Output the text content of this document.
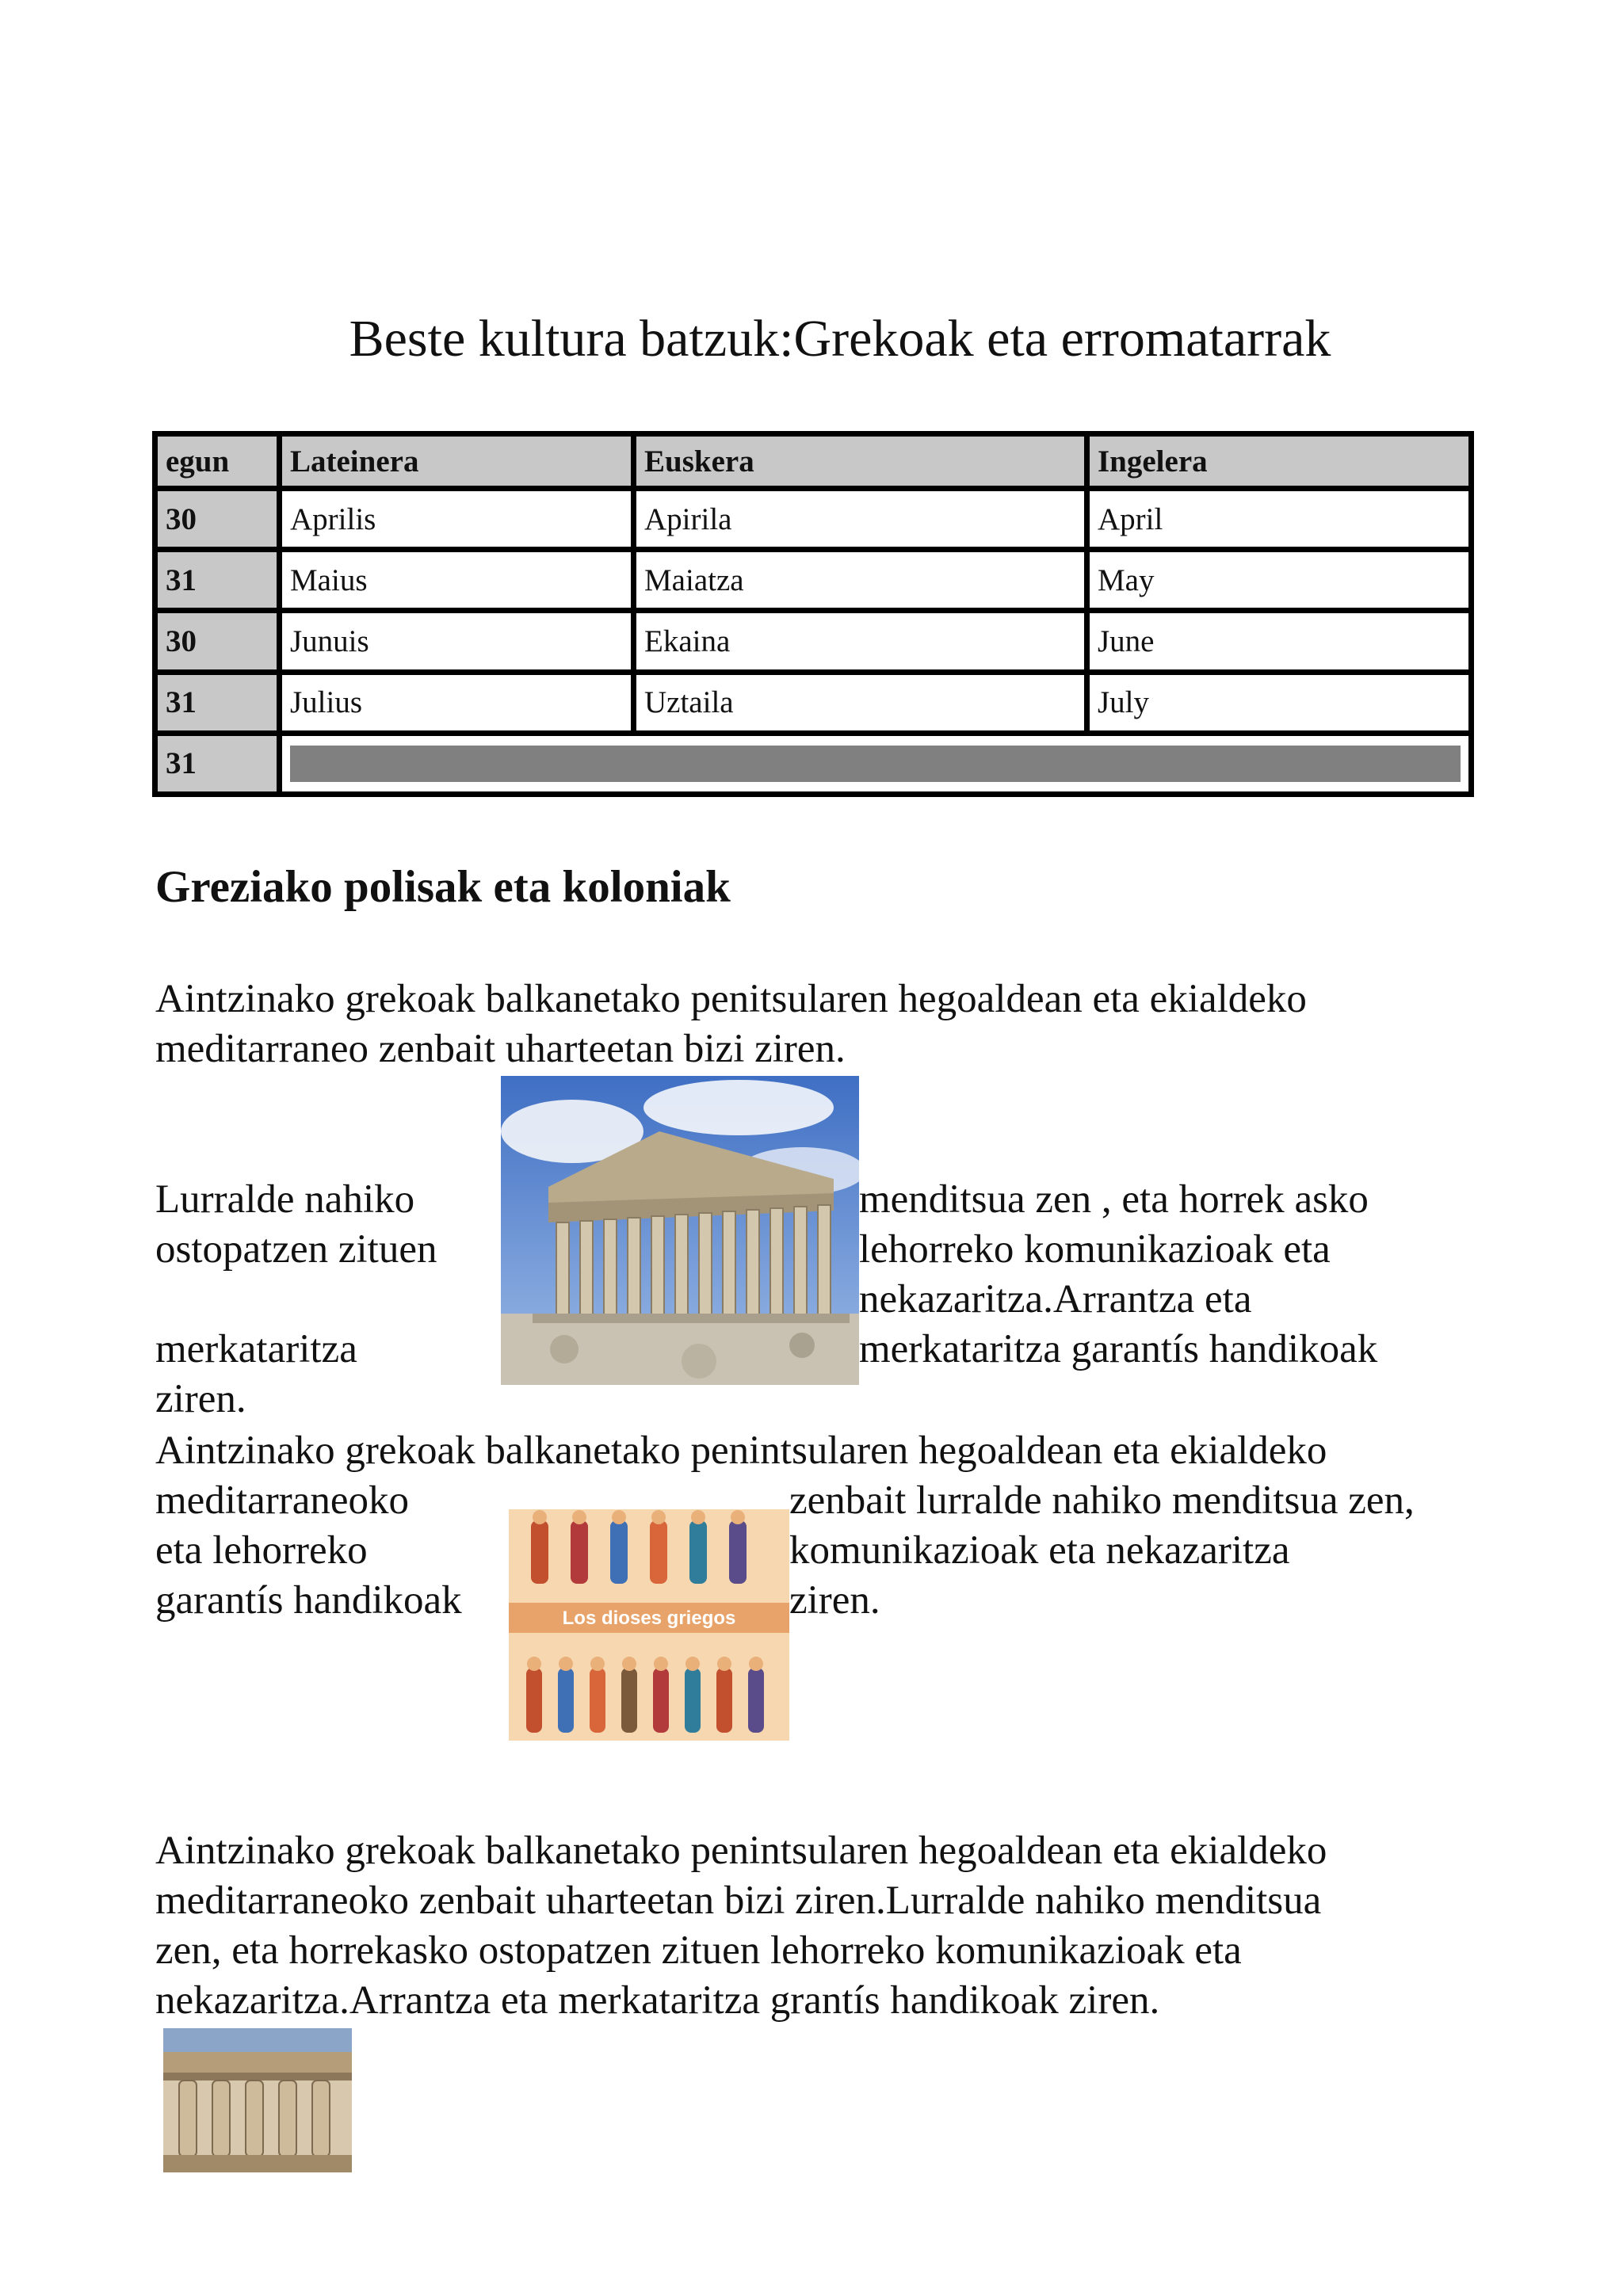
Beste kultura batzuk:Grekoak eta erromatarrak
egun	Lateinera	Euskera	Ingelera
30	Aprilis	Apirila	April
31	Maius	Maiatza	May
30	Junuis	Ekaina	June
31	Julius	Uztaila	July
31			
Greziako polisak eta koloniak

Aintzinako grekoak balkanetako penitsularen hegoaldean eta ekialdeko

meditarraneo zenbait uharteetan bizi ziren.

Lurralde nahiko

ostopatzen zituen

merkataritza

ziren.

menditsua zen , eta horrek asko

lehorreko komunikazioak eta

nekazaritza.Arrantza eta

merkataritza garantís handikoak

Aintzinako grekoak balkanetako penintsularen hegoaldean eta ekialdeko

meditarraneoko

eta lehorreko

garantís handikoak

zenbait lurralde nahiko menditsua zen,

komunikazioak eta nekazaritza

ziren.

Los dioses griegos

Aintzinako grekoak balkanetako penintsularen hegoaldean eta ekialdeko

meditarraneoko zenbait uharteetan bizi ziren.Lurralde nahiko menditsua

zen, eta horrekasko ostopatzen zituen lehorreko komunikazioak eta

nekazaritza.Arrantza eta merkataritza grantís handikoak ziren.
